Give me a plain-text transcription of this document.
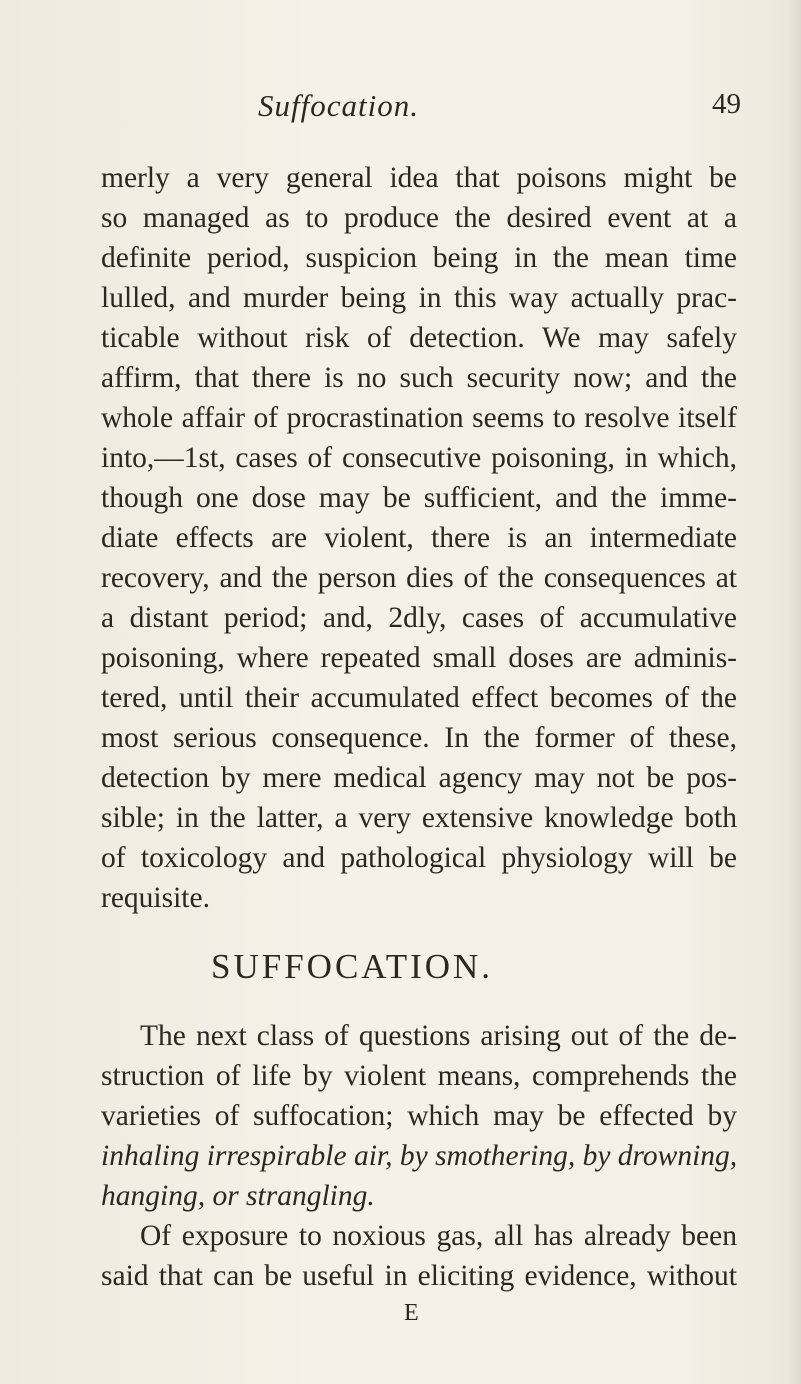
Suffocation.	49
merly a very general idea that poisons might be
so managed as to produce the desired event at a
definite period, suspicion being in the mean time
lulled, and murder being in this way actually prac-
ticable without risk of detection. We may safely
affirm, that there is no such security now; and the
whole affair of procrastination seems to resolve itself
into,—1st, cases of consecutive poisoning, in which,
though one dose may be sufficient, and the imme-
diate effects are violent, there is an intermediate
recovery, and the person dies of the consequences at
a distant period; and, 2dly, cases of accumulative
poisoning, where repeated small doses are adminis-
tered, until their accumulated effect becomes of the
most serious consequence. In the former of these,
detection by mere medical agency may not be pos-
sible; in the latter, a very extensive knowledge both
of toxicology and pathological physiology will be
requisite.
SUFFOCATION.
The next class of questions arising out of the de-
struction of life by violent means, comprehends the
varieties of suffocation; which may be effected by
inhaling irrespirable air, by smothering, by drowning,
hanging, or strangling.
Of exposure to noxious gas, all has already been
said that can be useful in eliciting evidence, without
E
